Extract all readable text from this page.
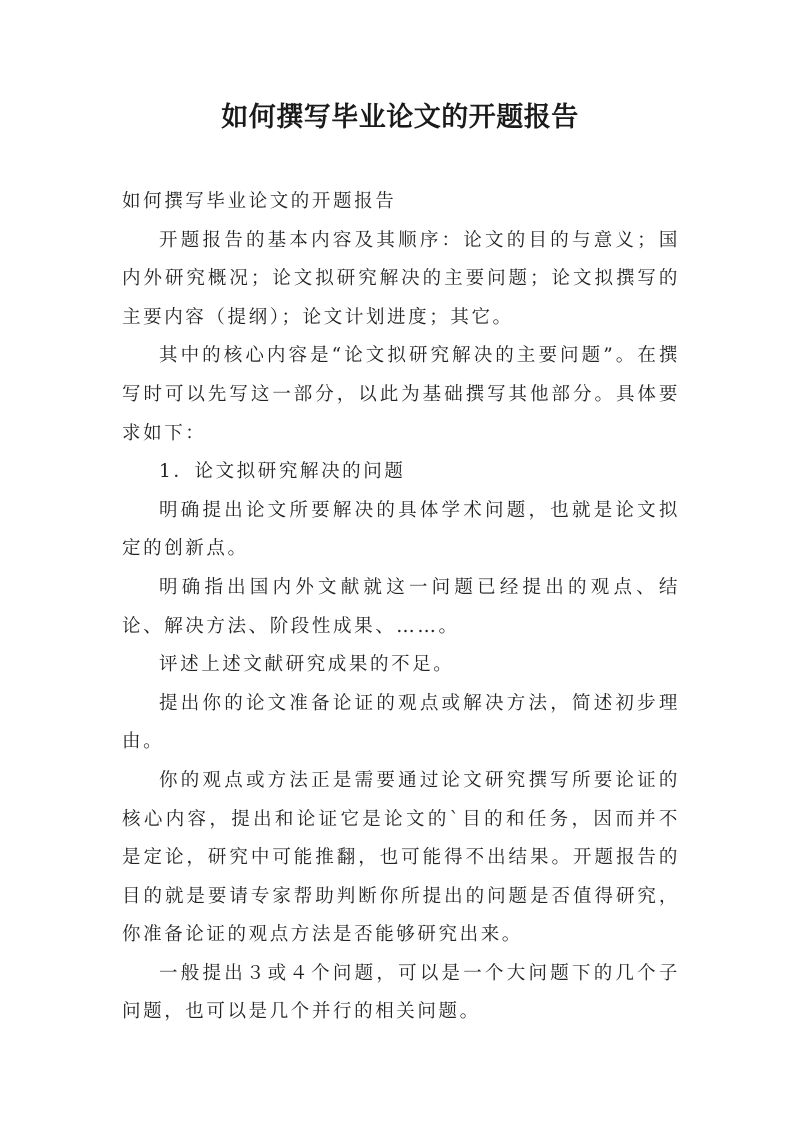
如何撰写毕业论文的开题报告

如何撰写毕业论文的开题报告

开题报告的基本内容及其顺序：论文的目的与意义；国内外研究概况；论文拟研究解决的主要问题；论文拟撰写的主要内容（提纲）；论文计划进度；其它。

其中的核心内容是“论文拟研究解决的主要问题”。在撰写时可以先写这一部分，以此为基础撰写其他部分。具体要求如下：

1．论文拟研究解决的问题

明确提出论文所要解决的具体学术问题，也就是论文拟定的创新点。

明确指出国内外文献就这一问题已经提出的观点、结论、解决方法、阶段性成果、……。

评述上述文献研究成果的不足。

提出你的论文准备论证的观点或解决方法，简述初步理由。

你的观点或方法正是需要通过论文研究撰写所要论证的核心内容，提出和论证它是论文的`目的和任务，因而并不是定论，研究中可能推翻，也可能得不出结果。开题报告的目的就是要请专家帮助判断你所提出的问题是否值得研究，你准备论证的观点方法是否能够研究出来。

一般提出３或４个问题，可以是一个大问题下的几个子问题，也可以是几个并行的相关问题。
